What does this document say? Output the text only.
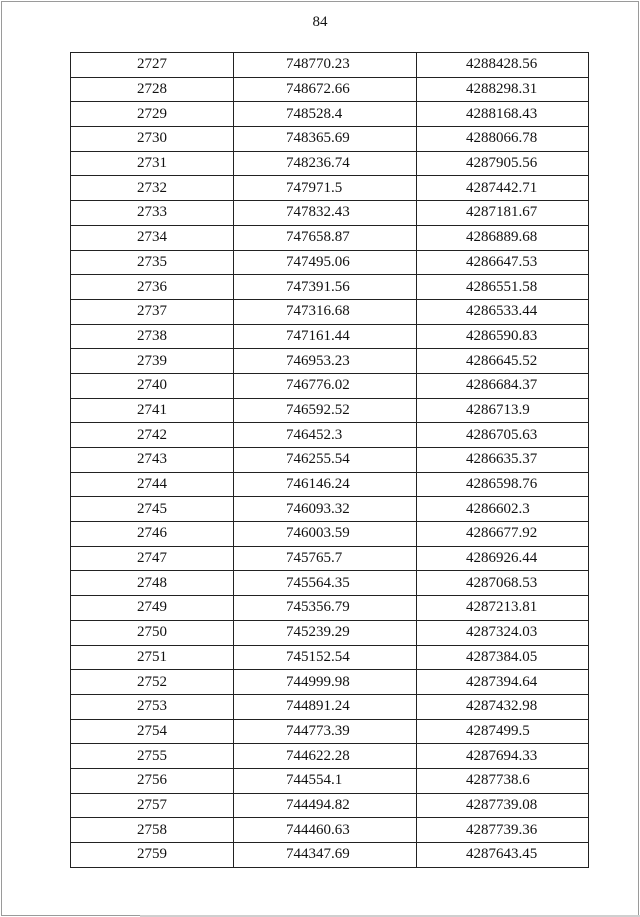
84
2727	748770.23	4288428.56
2728	748672.66	4288298.31
2729	748528.4	4288168.43
2730	748365.69	4288066.78
2731	748236.74	4287905.56
2732	747971.5	4287442.71
2733	747832.43	4287181.67
2734	747658.87	4286889.68
2735	747495.06	4286647.53
2736	747391.56	4286551.58
2737	747316.68	4286533.44
2738	747161.44	4286590.83
2739	746953.23	4286645.52
2740	746776.02	4286684.37
2741	746592.52	4286713.9
2742	746452.3	4286705.63
2743	746255.54	4286635.37
2744	746146.24	4286598.76
2745	746093.32	4286602.3
2746	746003.59	4286677.92
2747	745765.7	4286926.44
2748	745564.35	4287068.53
2749	745356.79	4287213.81
2750	745239.29	4287324.03
2751	745152.54	4287384.05
2752	744999.98	4287394.64
2753	744891.24	4287432.98
2754	744773.39	4287499.5
2755	744622.28	4287694.33
2756	744554.1	4287738.6
2757	744494.82	4287739.08
2758	744460.63	4287739.36
2759	744347.69	4287643.45
